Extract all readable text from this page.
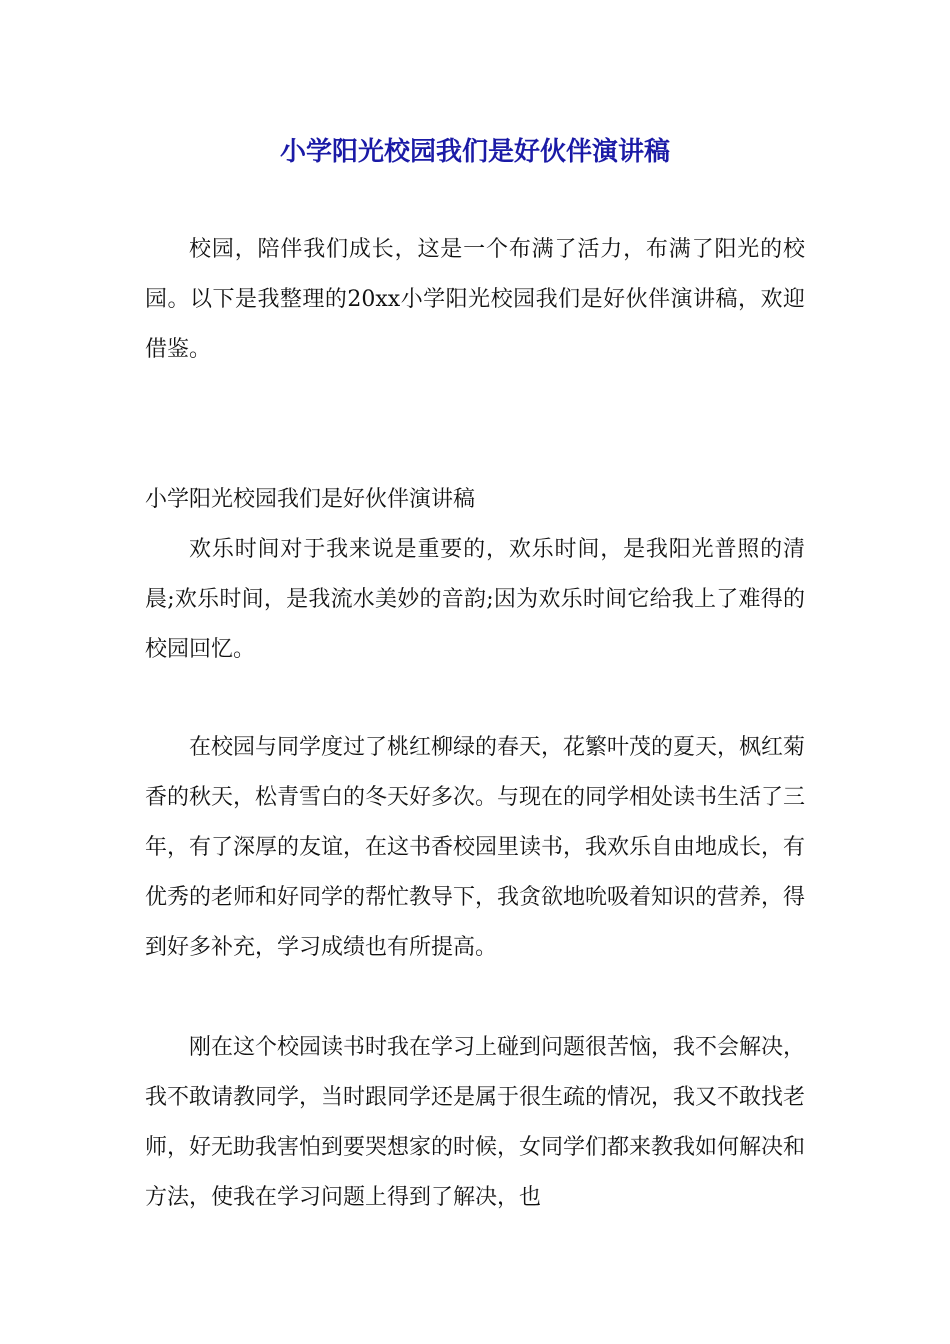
小学阳光校园我们是好伙伴演讲稿

校园，陪伴我们成长，这是一个布满了活力，布满了阳光的校园。以下是我整理的20xx小学阳光校园我们是好伙伴演讲稿，欢迎借鉴。

小学阳光校园我们是好伙伴演讲稿

欢乐时间对于我来说是重要的，欢乐时间，是我阳光普照的清晨;欢乐时间，是我流水美妙的音韵;因为欢乐时间它给我上了难得的校园回忆。

在校园与同学度过了桃红柳绿的春天，花繁叶茂的夏天，枫红菊香的秋天，松青雪白的冬天好多次。与现在的同学相处读书生活了三年，有了深厚的友谊，在这书香校园里读书，我欢乐自由地成长，有优秀的老师和好同学的帮忙教导下，我贪欲地吮吸着知识的营养，得到好多补充，学习成绩也有所提高。

刚在这个校园读书时我在学习上碰到问题很苦恼，我不会解决，我不敢请教同学，当时跟同学还是属于很生疏的情况，我又不敢找老师，好无助我害怕到要哭想家的时候，女同学们都来教我如何解决和方法，使我在学习问题上得到了解决，也
